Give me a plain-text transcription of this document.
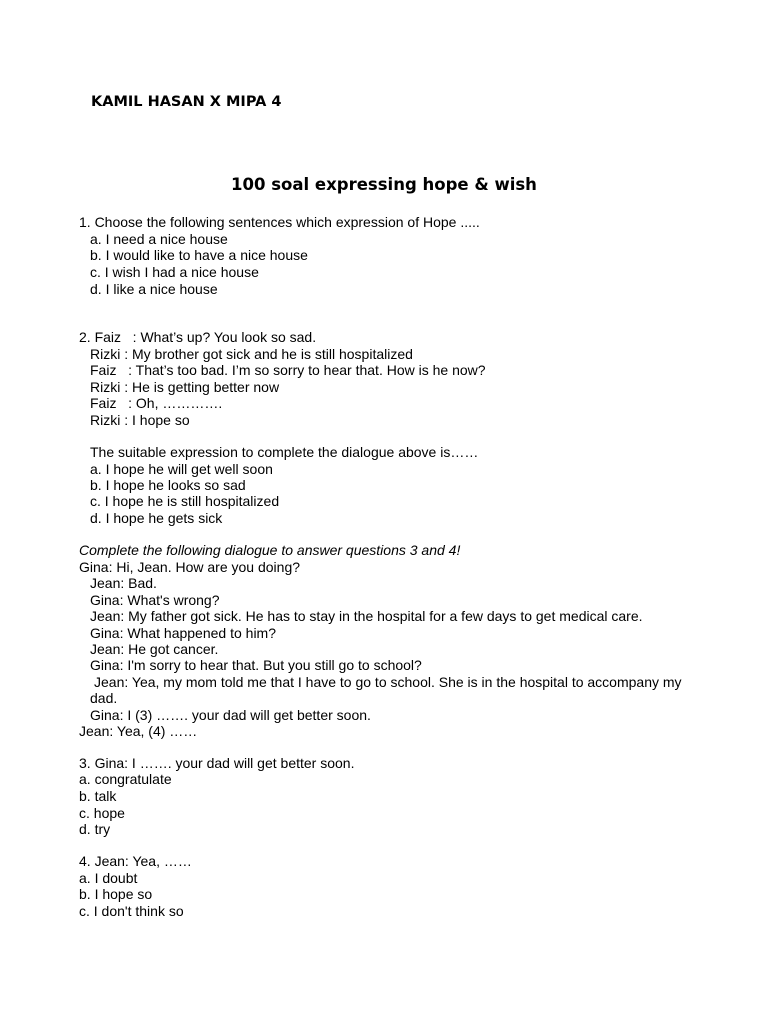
KAMIL HASAN X MIPA 4
100 soal expressing hope & wish

1. Choose the following sentences which expression of Hope .....

a. I need a nice house

b. I would like to have a nice house

c. I wish I had a nice house

d. I like a nice house

2. Faiz   : What’s up? You look so sad.

Rizki : My brother got sick and he is still hospitalized

Faiz   : That’s too bad. I’m so sorry to hear that. How is he now?

Rizki : He is getting better now

Faiz   : Oh, ………….

Rizki : I hope so

The suitable expression to complete the dialogue above is……

a. I hope he will get well soon

b. I hope he looks so sad

c. I hope he is still hospitalized

d. I hope he gets sick

Complete the following dialogue to answer questions 3 and 4!

Gina: Hi, Jean. How are you doing?

Jean: Bad.

Gina: What's wrong?

Jean: My father got sick. He has to stay in the hospital for a few days to get medical care.

Gina: What happened to him?

Jean: He got cancer.

Gina: I'm sorry to hear that. But you still go to school?

Jean: Yea, my mom told me that I have to go to school. She is in the hospital to accompany my

dad.

Gina: I (3) ……. your dad will get better soon.

Jean: Yea, (4) ……

3. Gina: I ……. your dad will get better soon.

a. congratulate

b. talk

c. hope

d. try

4. Jean: Yea, ……

a. I doubt

b. I hope so

c. I don't think so
